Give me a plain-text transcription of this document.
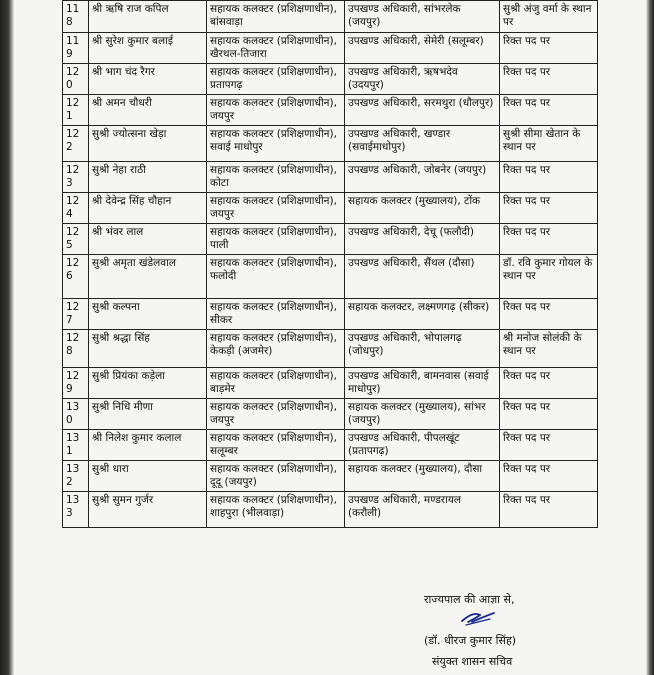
118	श्री ऋषि राज कपिल	सहायक कलक्टर (प्रशिक्षणाधीन), बांसवाड़ा	उपखण्ड अधिकारी, सांभरलेक (जयपुर)	सुश्री अंजु वर्मा के स्थान पर
119	श्री सुरेश कुमार बलाई	सहायक कलक्टर (प्रशिक्षणाधीन), खैरथल-तिजारा	उपखण्ड अधिकारी, सेमेरी (सलूम्बर)	रिक्त पद पर
120	श्री भाग चंद रैगर	सहायक कलक्टर (प्रशिक्षणाधीन), प्रतापगढ़	उपखण्ड अधिकारी, ऋषभदेव (उदयपुर)	रिक्त पद पर
121	श्री अमन चौधरी	सहायक कलक्टर (प्रशिक्षणाधीन), जयपुर	उपखण्ड अधिकारी, सरमथुरा (धौलपुर)	रिक्त पद पर
122	सुश्री ज्योत्सना खेड़ा	सहायक कलक्टर (प्रशिक्षणाधीन), सवाई माधोपुर	उपखण्ड अधिकारी, खण्डार (सवाईमाधोपुर)	सुश्री सीमा खेतान के स्थान पर
123	सुश्री नेहा राठी	सहायक कलक्टर (प्रशिक्षणाधीन), कोटा	उपखण्ड अधिकारी, जोबनेर (जयपुर)	रिक्त पद पर
124	श्री देवेन्द्र सिंह चौहान	सहायक कलक्टर (प्रशिक्षणाधीन), जयपुर	सहायक कलक्टर (मुख्यालय), टोंक	रिक्त पद पर
125	श्री भंवर लाल	सहायक कलक्टर (प्रशिक्षणाधीन), पाली	उपखण्ड अधिकारी, देचू (फलौदी)	रिक्त पद पर
126	सुश्री अमृता खंडेलवाल	सहायक कलक्टर (प्रशिक्षणाधीन), फलोदी	उपखण्ड अधिकारी, सैंथल (दौसा)	डॉ. रवि कुमार गोयल के स्थान पर
127	सुश्री कल्पना	सहायक कलक्टर (प्रशिक्षणाधीन), सीकर	सहायक कलक्टर, लक्ष्मणगढ़ (सीकर)	रिक्त पद पर
128	सुश्री श्रद्धा सिंह	सहायक कलक्टर (प्रशिक्षणाधीन), केकड़ी (अजमेर)	उपखण्ड अधिकारी, भोपालगढ़ (जोधपुर)	श्री मनोज सोलंकी के स्थान पर
129	सुश्री प्रियंका कड़ेला	सहायक कलक्टर (प्रशिक्षणाधीन), बाड़मेर	उपखण्ड अधिकारी, बामनवास (सवाई माधोपुर)	रिक्त पद पर
130	सुश्री निधि मीणा	सहायक कलक्टर (प्रशिक्षणाधीन), जयपुर	सहायक कलक्टर (मुख्यालय), सांभर (जयपुर)	रिक्त पद पर
131	श्री निलेश कुमार कलाल	सहायक कलक्टर (प्रशिक्षणाधीन), सलूम्बर	उपखण्ड अधिकारी, पीपलखूंट (प्रतापगढ़)	रिक्त पद पर
132	सुश्री धारा	सहायक कलक्टर (प्रशिक्षणाधीन), दूदू (जयपुर)	सहायक कलक्टर (मुख्यालय), दौसा	रिक्त पद पर
133	सुश्री सुमन गुर्जर	सहायक कलक्टर (प्रशिक्षणाधीन), शाहपुरा (भीलवाड़ा)	उपखण्ड अधिकारी, मण्डरायल (करौली)	रिक्त पद पर
राज्यपाल की आज्ञा से,
(डॉ. धीरज कुमार सिंह)
संयुक्त शासन सचिव
